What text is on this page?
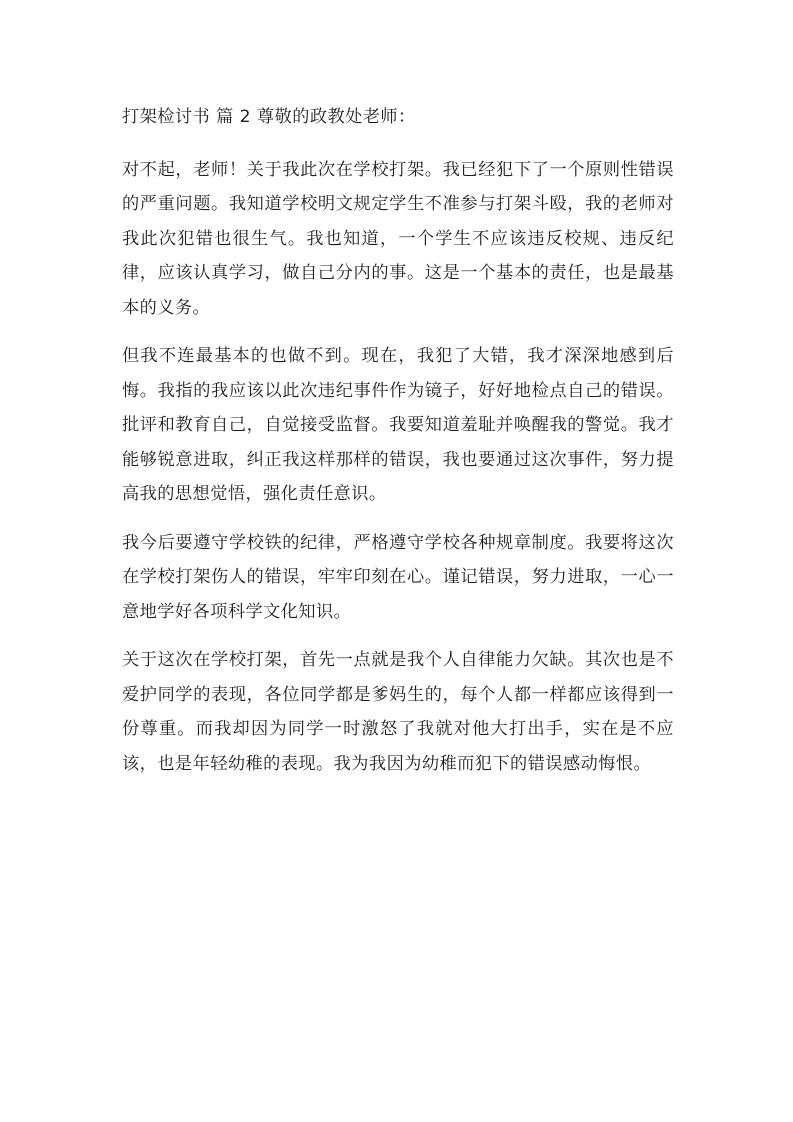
打架检讨书 篇 2 尊敬的政教处老师：

对不起，老师！关于我此次在学校打架。我已经犯下了一个原则性错误的严重问题。我知道学校明文规定学生不准参与打架斗殴，我的老师对我此次犯错也很生气。我也知道，一个学生不应该违反校规、违反纪律，应该认真学习，做自己分内的事。这是一个基本的责任，也是最基本的义务。

但我不连最基本的也做不到。现在，我犯了大错，我才深深地感到后悔。我指的我应该以此次违纪事件作为镜子，好好地检点自己的错误。批评和教育自己，自觉接受监督。我要知道羞耻并唤醒我的警觉。我才能够锐意进取，纠正我这样那样的错误，我也要通过这次事件，努力提高我的思想觉悟，强化责任意识。

我今后要遵守学校铁的纪律，严格遵守学校各种规章制度。我要将这次在学校打架伤人的错误，牢牢印刻在心。谨记错误，努力进取，一心一意地学好各项科学文化知识。

关于这次在学校打架，首先一点就是我个人自律能力欠缺。其次也是不爱护同学的表现，各位同学都是爹妈生的，每个人都一样都应该得到一份尊重。而我却因为同学一时激怒了我就对他大打出手，实在是不应该，也是年轻幼稚的表现。我为我因为幼稚而犯下的错误感动悔恨。
